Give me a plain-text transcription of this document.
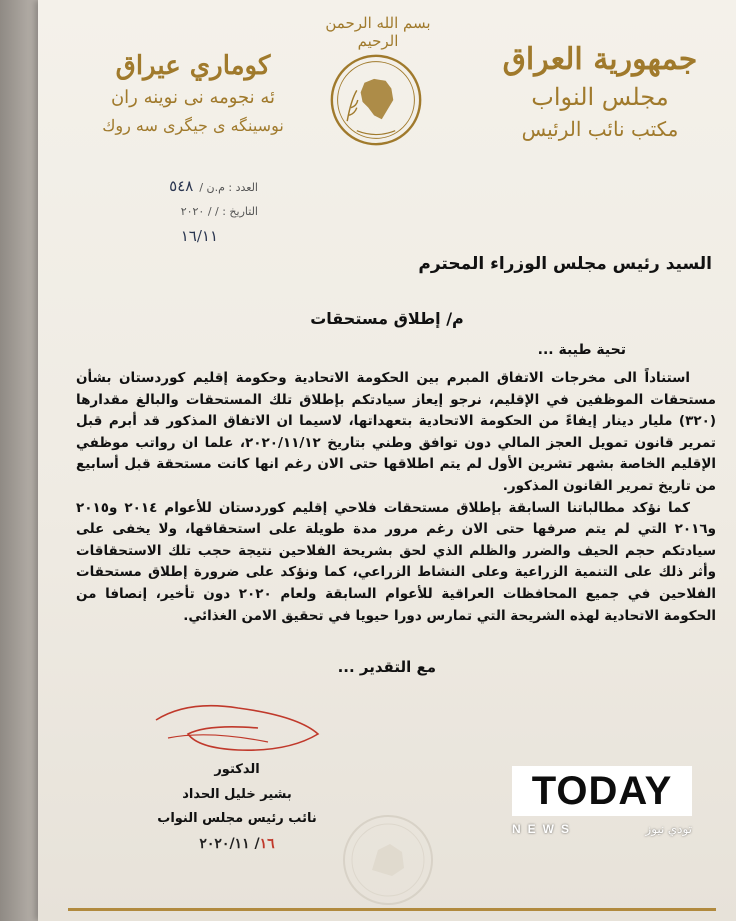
بسم الله الرحمن الرحيم
جمهورية العراق
مجلس النواب
مكتب نائب الرئيس
كوماري عيراق
ئه نجومه نى نوينه ران
نوسينگه ى جيگرى سه روك
العدد : م.ن /٥٤٨
التاريخ : / / ٢٠٢٠
١٦/١١
السيد رئيس مجلس الوزراء المحترم
م/ إطلاق مستحقات
تحية طيبة ...

استناداً الى مخرجات الاتفاق المبرم بين الحكومة الاتحادية وحكومة إقليم كوردستان بشأن مستحقات الموظفين في الإقليم، نرجو إيعاز سيادتكم بإطلاق تلك المستحقات والبالغ مقدارها (٣٢٠) مليار دينار إيفاءً من الحكومة الاتحادية بتعهداتها، لاسيما ان الاتفاق المذكور قد أبرم قبل تمرير قانون تمويل العجز المالي دون توافق وطني بتاريخ ٢٠٢٠/١١/١٢، علما ان رواتب موظفي الإقليم الخاصة بشهر تشرين الأول لم يتم اطلاقها حتى الان رغم انها كانت مستحقة قبل أسابيع من تاريخ تمرير القانون المذكور.

كما نؤكد مطالباتنا السابقة بإطلاق مستحقات فلاحي إقليم كوردستان للأعوام ٢٠١٤ و٢٠١٥ و٢٠١٦ التي لم يتم صرفها حتى الان رغم مرور مدة طويلة على استحقاقها، ولا يخفى على سيادتكم حجم الحيف والضرر والظلم الذي لحق بشريحة الفلاحين نتيجة حجب تلك الاستحقاقات وأثر ذلك على التنمية الزراعية وعلى النشاط الزراعي، كما ونؤكد على ضرورة إطلاق مستحقات الفلاحين في جميع المحافظات العراقية للأعوام السابقة ولعام ٢٠٢٠ دون تأخير، إنصافا من الحكومة الاتحادية لهذه الشريحة التي تمارس دورا حيويا في تحقيق الامن الغذائي.

مع التقدير ...
الدكتور
بشير خليل الحداد
نائب رئيس مجلس النواب
١٦/ ٢٠٢٠/١١
TODAY
NEWS	تودي نيوز
